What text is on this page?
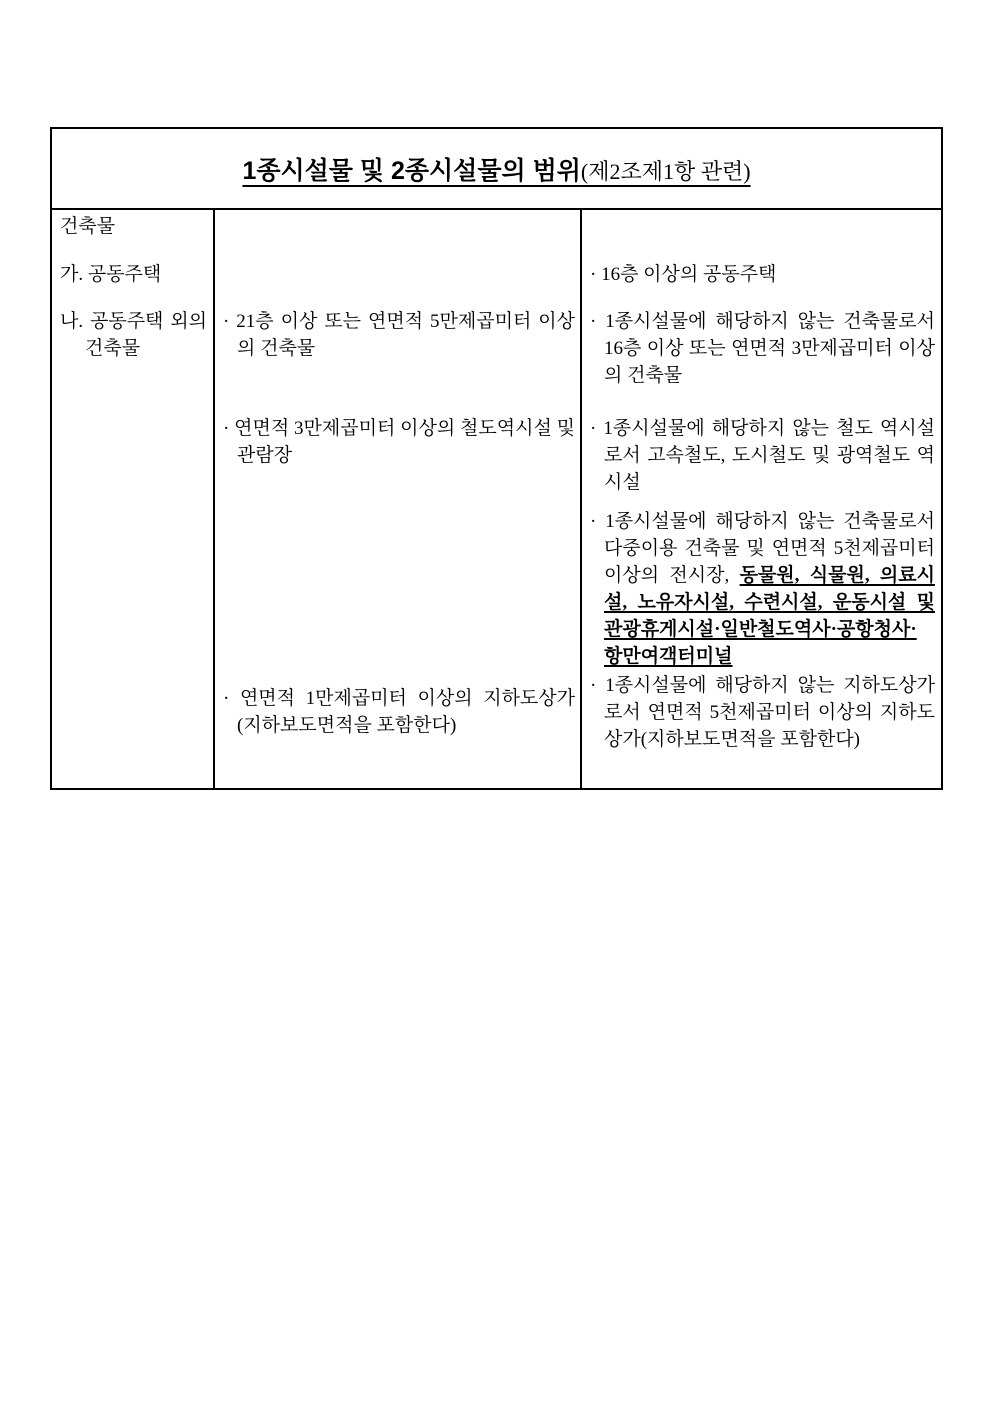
1종시설물 및 2종시설물의 범위(제2조제1항 관련)

건축물

가. 공동주택

나. 공동주택 외의 건축물

· 21층 이상 또는 연면적 5만제곱미터 이상의 건축물

· 연면적 3만제곱미터 이상의 철도역시설 및 관람장

· 연면적 1만제곱미터 이상의 지하도상가(지하보도면적을 포함한다)

· 16층 이상의 공동주택

· 1종시설물에 해당하지 않는 건축물로서 16층 이상 또는 연면적 3만제곱미터 이상의 건축물

· 1종시설물에 해당하지 않는 철도 역시설로서 고속철도, 도시철도 및 광역철도 역시설

· 1종시설물에 해당하지 않는 건축물로서 다중이용 건축물 및 연면적 5천제곱미터 이상의 전시장, 동물원, 식물원, 의료시설, 노유자시설, 수련시설, 운동시설 및 관광휴게시설·일반철도역사·공항청사·항만여객터미널

· 1종시설물에 해당하지 않는 지하도상가로서 연면적 5천제곱미터 이상의 지하도상가(지하보도면적을 포함한다)
